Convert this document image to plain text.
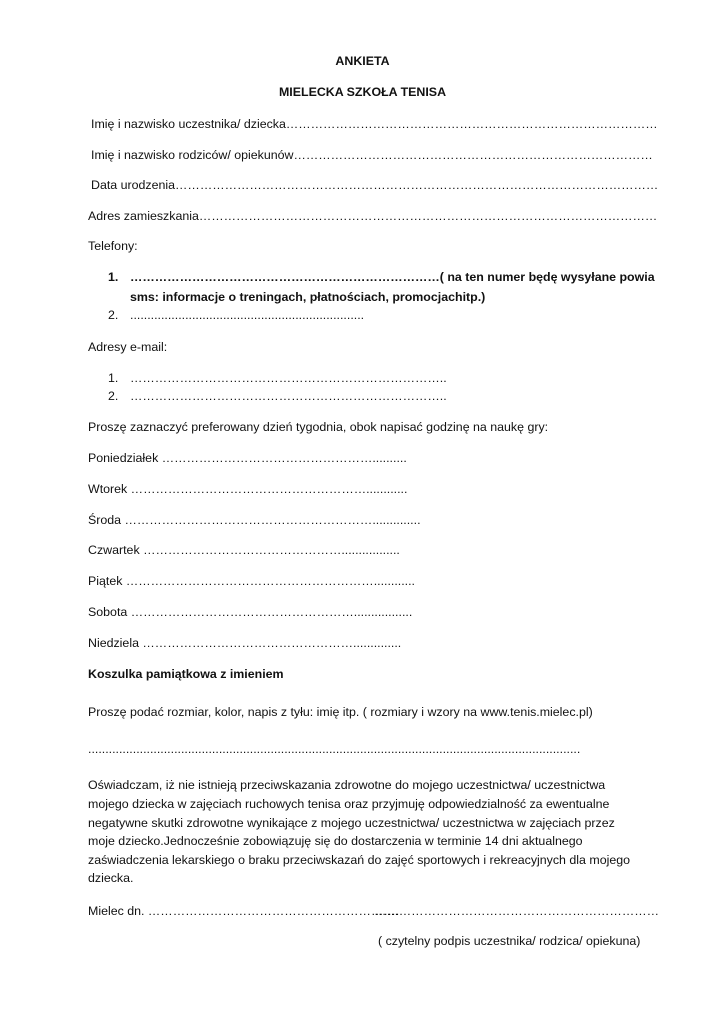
ANKIETA
MIELECKA SZKOŁA TENISA
Imię i nazwisko uczestnika/ dziecka………………………………………………………………………………
Imię i nazwisko rodziców/ opiekunów……………………………………………………………………………
Data urodzenia………………………………………………………………………………………………………
Adres zamieszkania…………………………………………………………………………………………………
Telefony:
1. …………………………………………………………………( na ten numer będę wysyłane powia
sms: informacje o treningach, płatnościach, promocjachitp.)
2. ....................................................................
Adresy e-mail:
1. …………………………………………………………………..
2. …………………………………………………………………..
Proszę zaznaczyć preferowany dzień tygodnia, obok napisać godzinę na naukę gry:
Poniedziałek ……………………………………………..........
Wtorek …………………………………………………............
Środa ……………………………………………………..............
Czwartek ………………………………………….................
Piątek ……………………………………………………............
Sobota ……………………………………………….................
Niedziela ……………………………………………..............
Koszulka pamiątkowa z imieniem
Proszę podać rozmiar, kolor, napis z tyłu: imię itp. ( rozmiary i wzory na www.tenis.mielec.pl)
...............................................................................................................................................
Oświadczam, iż nie istnieją przeciwskazania zdrowotne do mojego uczestnictwa/ uczestnictwa
mojego dziecka w zajęciach ruchowych tenisa oraz przyjmuję odpowiedzialność za ewentualne
negatywne skutki zdrowotne wynikające z mojego uczestnictwa/ uczestnictwa w zajęciach przez
moje dziecko.Jednocześnie zobowiązuję się do dostarczenia w terminie 14 dni aktualnego
zaświadczenia lekarskiego o braku przeciwskazań do zajęć sportowych i rekreacyjnych dla mojego
dziecka.
Mielec dn. …………………………………………………….
……………………………………………………………
( czytelny podpis uczestnika/ rodzica/ opiekuna)
